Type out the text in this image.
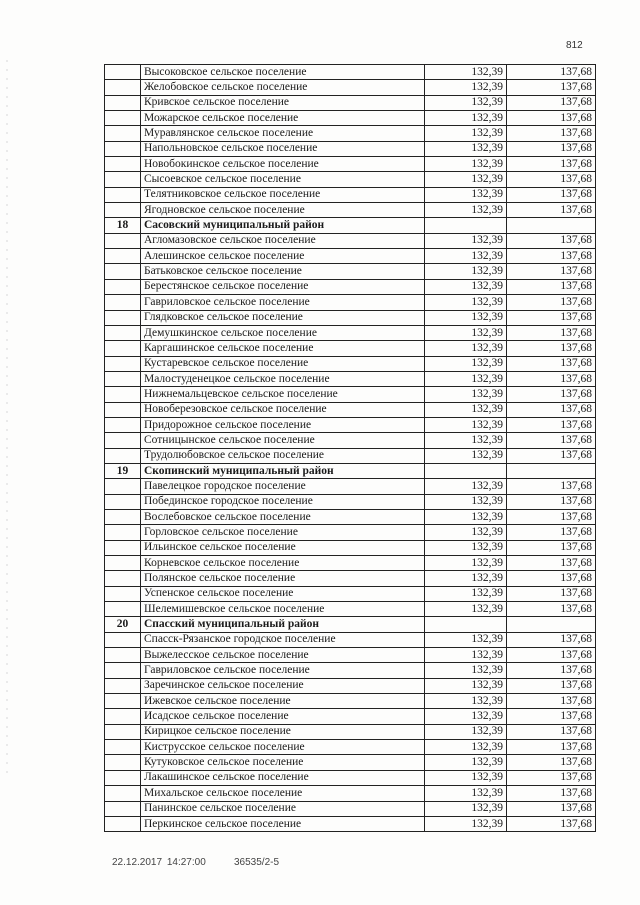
812
	Высоковское сельское поселение	132,39	137,68
	Желобовское сельское поселение	132,39	137,68
	Кривское сельское поселение	132,39	137,68
	Можарское сельское поселение	132,39	137,68
	Муравлянское сельское поселение	132,39	137,68
	Напольновское сельское поселение	132,39	137,68
	Новобокинское сельское поселение	132,39	137,68
	Сысоевское сельское поселение	132,39	137,68
	Телятниковское сельское поселение	132,39	137,68
	Ягодновское сельское поселение	132,39	137,68
18	Сасовский муниципальный район		
	Агломазовское сельское поселение	132,39	137,68
	Алешинское сельское поселение	132,39	137,68
	Батьковское сельское поселение	132,39	137,68
	Берестянское сельское поселение	132,39	137,68
	Гавриловское сельское поселение	132,39	137,68
	Глядковское сельское поселение	132,39	137,68
	Демушкинское сельское поселение	132,39	137,68
	Каргашинское сельское поселение	132,39	137,68
	Кустаревское сельское поселение	132,39	137,68
	Малостуденецкое сельское поселение	132,39	137,68
	Нижнемальцевское сельское поселение	132,39	137,68
	Новоберезовское сельское поселение	132,39	137,68
	Придорожное сельское поселение	132,39	137,68
	Сотницынское сельское поселение	132,39	137,68
	Трудолюбовское сельское поселение	132,39	137,68
19	Скопинский муниципальный район		
	Павелецкое городское поселение	132,39	137,68
	Побединское городское поселение	132,39	137,68
	Вослебовское сельское поселение	132,39	137,68
	Горловское сельское поселение	132,39	137,68
	Ильинское сельское поселение	132,39	137,68
	Корневское сельское поселение	132,39	137,68
	Полянское сельское поселение	132,39	137,68
	Успенское сельское поселение	132,39	137,68
	Шелемишевское сельское поселение	132,39	137,68
20	Спасский муниципальный район		
	Спасск-Рязанское городское поселение	132,39	137,68
	Выжелесское сельское поселение	132,39	137,68
	Гавриловское сельское поселение	132,39	137,68
	Заречинское сельское поселение	132,39	137,68
	Ижевское сельское поселение	132,39	137,68
	Исадское сельское поселение	132,39	137,68
	Кирицкое сельское поселение	132,39	137,68
	Киструсское сельское поселение	132,39	137,68
	Кутуковское сельское поселение	132,39	137,68
	Лакашинское сельское поселение	132,39	137,68
	Михальское сельское поселение	132,39	137,68
	Панинское сельское поселение	132,39	137,68
	Перкинское сельское поселение	132,39	137,68
22.12.2017 14:27:00	36535/2-5
